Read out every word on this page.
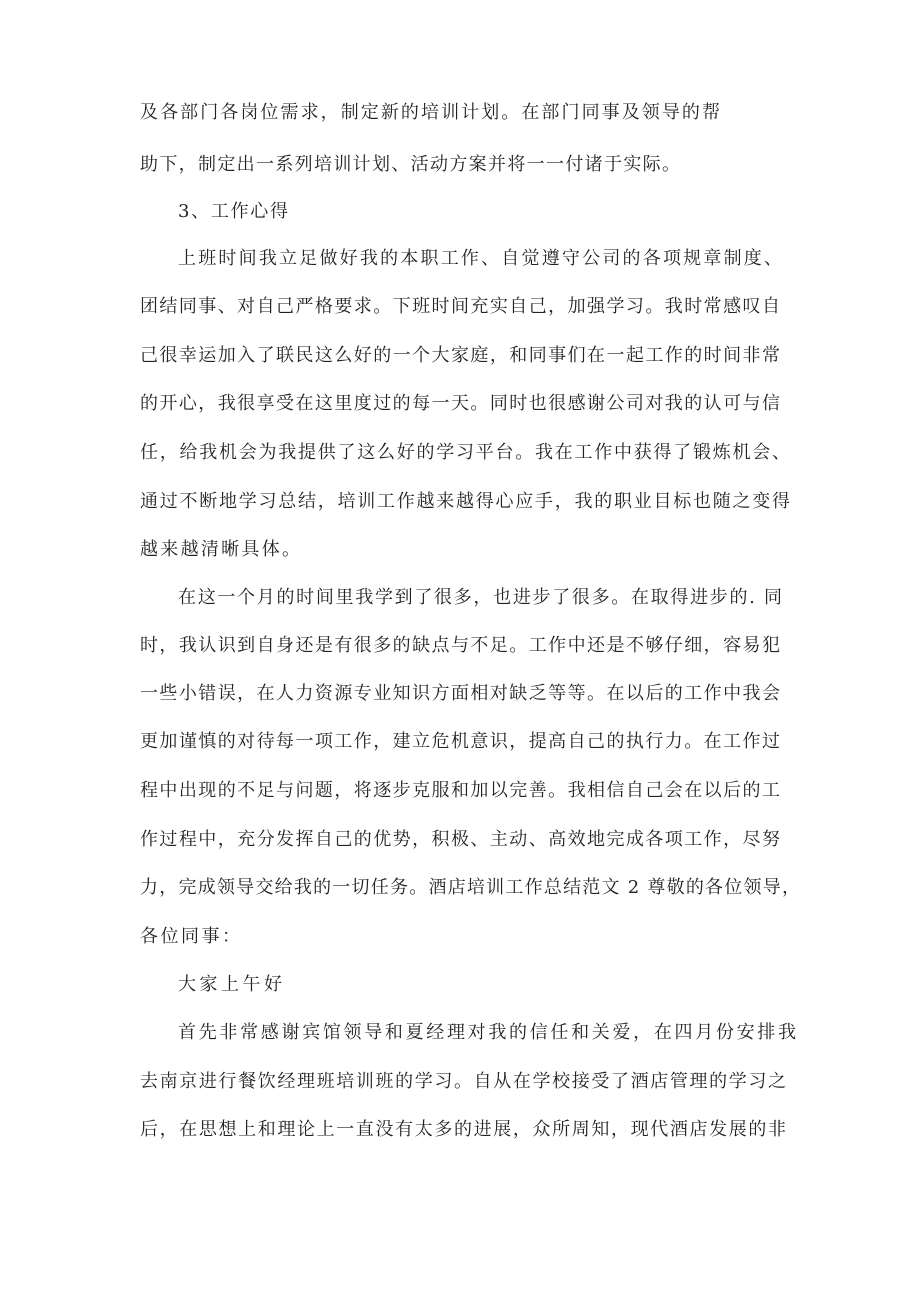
及各部门各岗位需求，制定新的培训计划。在部门同事及领导的帮
助下，制定出一系列培训计划、活动方案并将一一付诸于实际。
3、工作心得
上班时间我立足做好我的本职工作、自觉遵守公司的各项规章制度、
团结同事、对自己严格要求。下班时间充实自己，加强学习。我时常感叹自
己很幸运加入了联民这么好的一个大家庭，和同事们在一起工作的时间非常
的开心，我很享受在这里度过的每一天。同时也很感谢公司对我的认可与信
任，给我机会为我提供了这么好的学习平台。我在工作中获得了锻炼机会、
通过不断地学习总结，培训工作越来越得心应手，我的职业目标也随之变得
越来越清晰具体。
在这一个月的时间里我学到了很多，也进步了很多。在取得进步的. 同
时，我认识到自身还是有很多的缺点与不足。工作中还是不够仔细，容易犯
一些小错误，在人力资源专业知识方面相对缺乏等等。在以后的工作中我会
更加谨慎的对待每一项工作，建立危机意识，提高自己的执行力。在工作过
程中出现的不足与问题，将逐步克服和加以完善。我相信自己会在以后的工
作过程中，充分发挥自己的优势，积极、主动、高效地完成各项工作，尽努
力，完成领导交给我的一切任务。酒店培训工作总结范文 2 尊敬的各位领导，
各位同事：
大家上午好
首先非常感谢宾馆领导和夏经理对我的信任和关爱，在四月份安排我
去南京进行餐饮经理班培训班的学习。自从在学校接受了酒店管理的学习之
后，在思想上和理论上一直没有太多的进展，众所周知，现代酒店发展的非
